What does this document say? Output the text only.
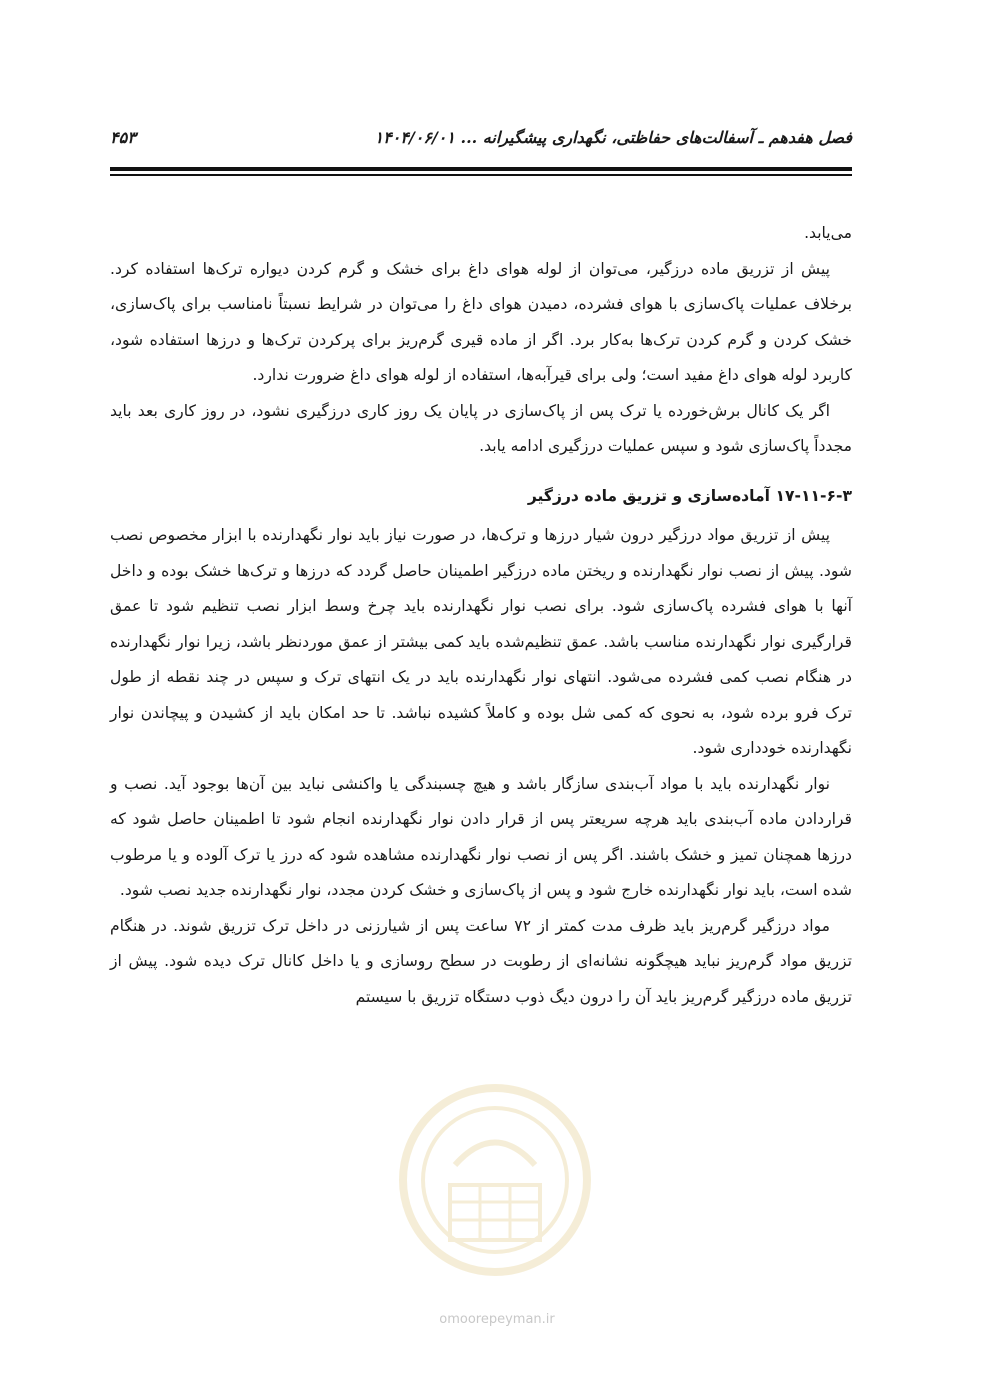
فصل هفدهم ـ آسفالت‌های حفاظتی، نگهداری پیشگیرانه ... ۱۴۰۴/۰۶/۰۱
۴۵۳

می‌یابد.

پیش از تزریق ماده درزگیر، می‌توان از لوله هوای داغ برای خشک و گرم کردن دیواره ترک‌ها استفاده کرد. برخلاف عملیات پاک‌سازی با هوای فشرده، دمیدن هوای داغ را می‌توان در شرایط نسبتاً نامناسب برای پاک‌سازی، خشک کردن و گرم کردن ترک‌ها به‌کار برد. اگر از ماده قیری گرم‌ریز برای پرکردن ترک‌ها و درزها استفاده شود، کاربرد لوله هوای داغ مفید است؛ ولی برای قیرآبه‌ها، استفاده از لوله هوای داغ ضرورت ندارد.

اگر یک کانال برش‌خورده یا ترک پس از پاک‌سازی در پایان یک روز کاری درزگیری نشود، در روز کاری بعد باید مجدداً پاک‌سازی شود و سپس عملیات درزگیری ادامه یابد.

۱۷-۱۱-۶-۳ آماده‌سازی و تزریق ماده درزگیر

پیش از تزریق مواد درزگیر درون شیار درزها و ترک‌ها، در صورت نیاز باید نوار نگهدارنده با ابزار مخصوص نصب شود. پیش از نصب نوار نگهدارنده و ریختن ماده درزگیر اطمینان حاصل گردد که درزها و ترک‌ها خشک بوده و داخل آنها با هوای فشرده پاک‌سازی شود. برای نصب نوار نگهدارنده باید چرخ وسط ابزار نصب تنظیم شود تا عمق قرارگیری نوار نگهدارنده مناسب باشد. عمق تنظیم‌شده باید کمی بیشتر از عمق موردنظر باشد، زیرا نوار نگهدارنده در هنگام نصب کمی فشرده می‌شود. انتهای نوار نگهدارنده باید در یک انتهای ترک و سپس در چند نقطه از طول ترک فرو برده شود، به نحوی که کمی شل بوده و کاملاً کشیده نباشد. تا حد امکان باید از کشیدن و پیچاندن نوار نگهدارنده خودداری شود.

نوار نگهدارنده باید با مواد آب‌بندی سازگار باشد و هیچ چسبندگی یا واکنشی نباید بین آن‌ها بوجود آید. نصب و قراردادن ماده آب‌بندی باید هرچه سریعتر پس از قرار دادن نوار نگهدارنده انجام شود تا اطمینان حاصل شود که درزها همچنان تمیز و خشک باشند. اگر پس از نصب نوار نگهدارنده مشاهده شود که درز یا ترک آلوده و یا مرطوب شده است، باید نوار نگهدارنده خارج شود و پس از پاک‌سازی و خشک کردن مجدد، نوار نگهدارنده جدید نصب شود.

مواد درزگیر گرم‌ریز باید ظرف مدت کمتر از ۷۲ ساعت پس از شیارزنی در داخل ترک تزریق شوند. در هنگام تزریق مواد گرم‌ریز نباید هیچگونه نشانه‌ای از رطوبت در سطح روسازی و یا داخل کانال ترک دیده شود. پیش از تزریق ماده درزگیر گرم‌ریز باید آن را درون دیگ ذوب دستگاه تزریق با سیستم

omoorepeyman.ir
